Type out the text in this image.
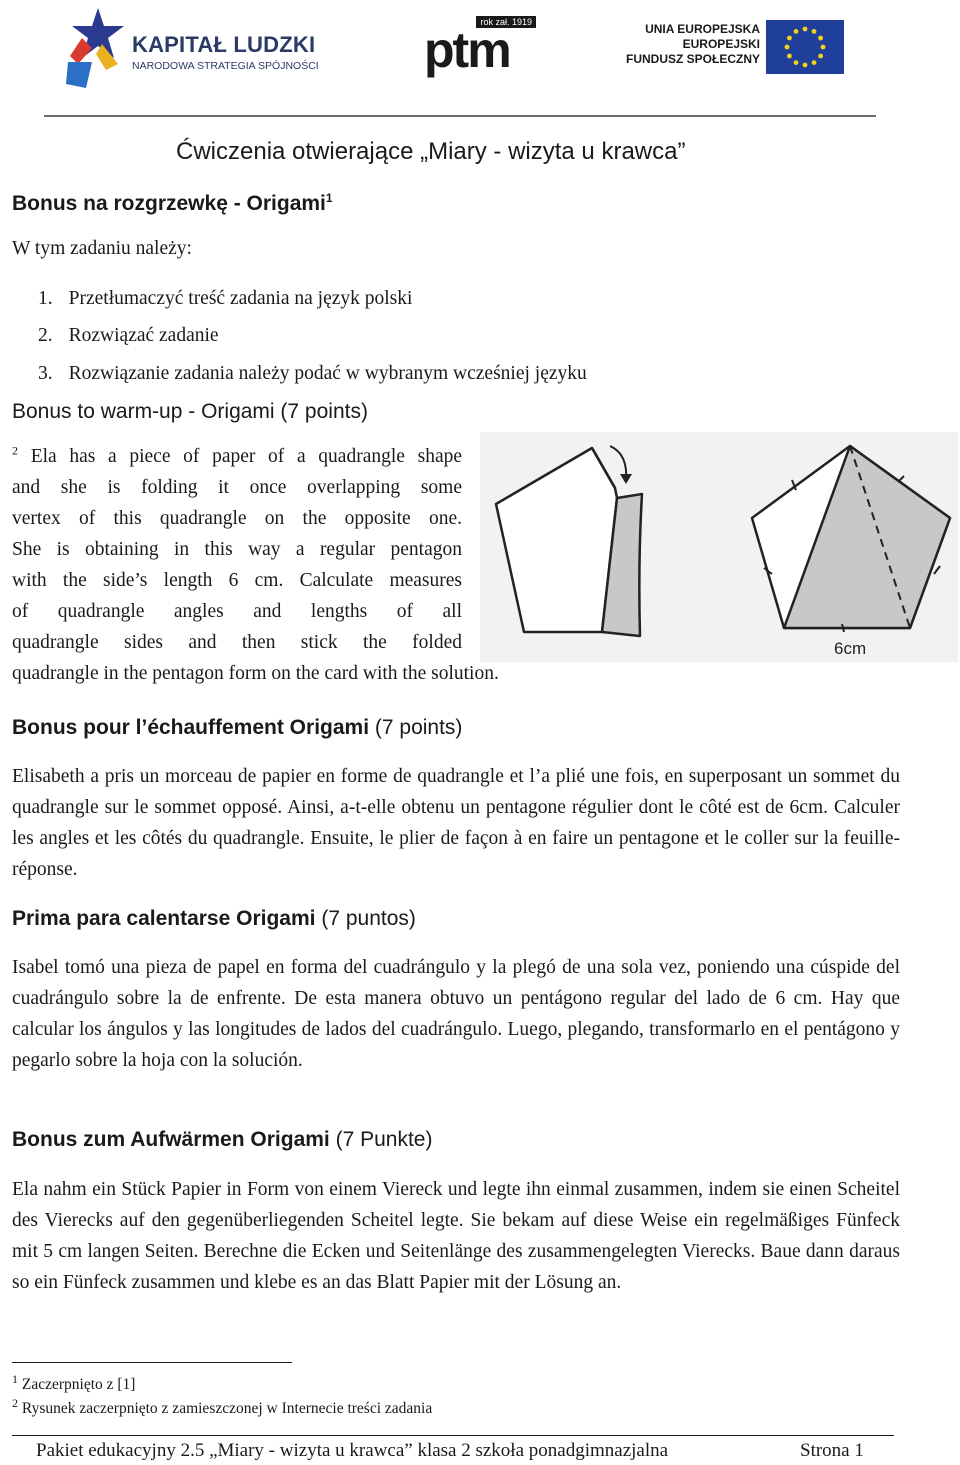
KAPITAŁ LUDZKI
NARODOWA STRATEGIA SPÓJNOŚCI
rok zał. 1919
ptm	UNIA EUROPEJSKA
EUROPEJSKI
FUNDUSZ SPOŁECZNY
Ćwiczenia otwierające „Miary - wizyta u krawca”
Bonus na rozgrzewkę - Origami$^1$
W tym zadaniu należy:
1. Przetłumaczyć treść zadania na język polski
2. Rozwiązać zadanie
3. Rozwiązanie zadania należy podać w wybranym wcześniej języku
Bonus to warm-up - Origami (7 points)
$^2$ Ela has a piece of paper of a quadrangle shape
and she is folding it once overlapping some
vertex of this quadrangle on the opposite one.
She is obtaining in this way a regular pentagon
with the side’s length 6 cm. Calculate measures
of quadrangle angles and lengths of all
quadrangle sides and then stick the folded
quadrangle in the pentagon form on the card with the solution.
6cm
Bonus pour l’échauffement Origami (7 points)
Elisabeth a pris un morceau de papier en forme de quadrangle et l’a plié une fois, en superposant un sommet du quadrangle sur le sommet opposé. Ainsi, a-t-elle obtenu un pentagone régulier dont le côté est de 6cm. Calculer les angles et les côtés du quadrangle. Ensuite, le plier de façon à en faire un pentagone et le coller sur la feuille-réponse.
Prima para calentarse Origami (7 puntos)
Isabel tomó una pieza de papel en forma del cuadrángulo y la plegó de una sola vez, poniendo una cúspide del cuadrángulo sobre la de enfrente. De esta manera obtuvo un pentágono regular del lado de 6 cm. Hay que calcular los ángulos y las longitudes de lados del cuadrángulo. Luego, plegando, transformarlo en el pentágono y pegarlo sobre la hoja con la solución.
Bonus zum Aufwärmen Origami (7 Punkte)
Ela nahm ein Stück Papier in Form von einem Viereck und legte ihn einmal zusammen, indem sie einen Scheitel des Vierecks auf den gegenüberliegenden Scheitel legte. Sie bekam auf diese Weise ein regelmäßiges Fünfeck mit 5 cm langen Seiten. Berechne die Ecken und Seitenlänge des zusammengelegten Vierecks. Baue dann daraus so ein Fünfeck zusammen und klebe es an das Blatt Papier mit der Lösung an.
$^1$ Zaczerpnięto z [1]
$^2$ Rysunek zaczerpnięto z zamieszczonej w Internecie treści zadania
Pakiet edukacyjny 2.5 „Miary - wizyta u krawca” klasa 2 szkoła ponadgimnazjalna	Strona 1
